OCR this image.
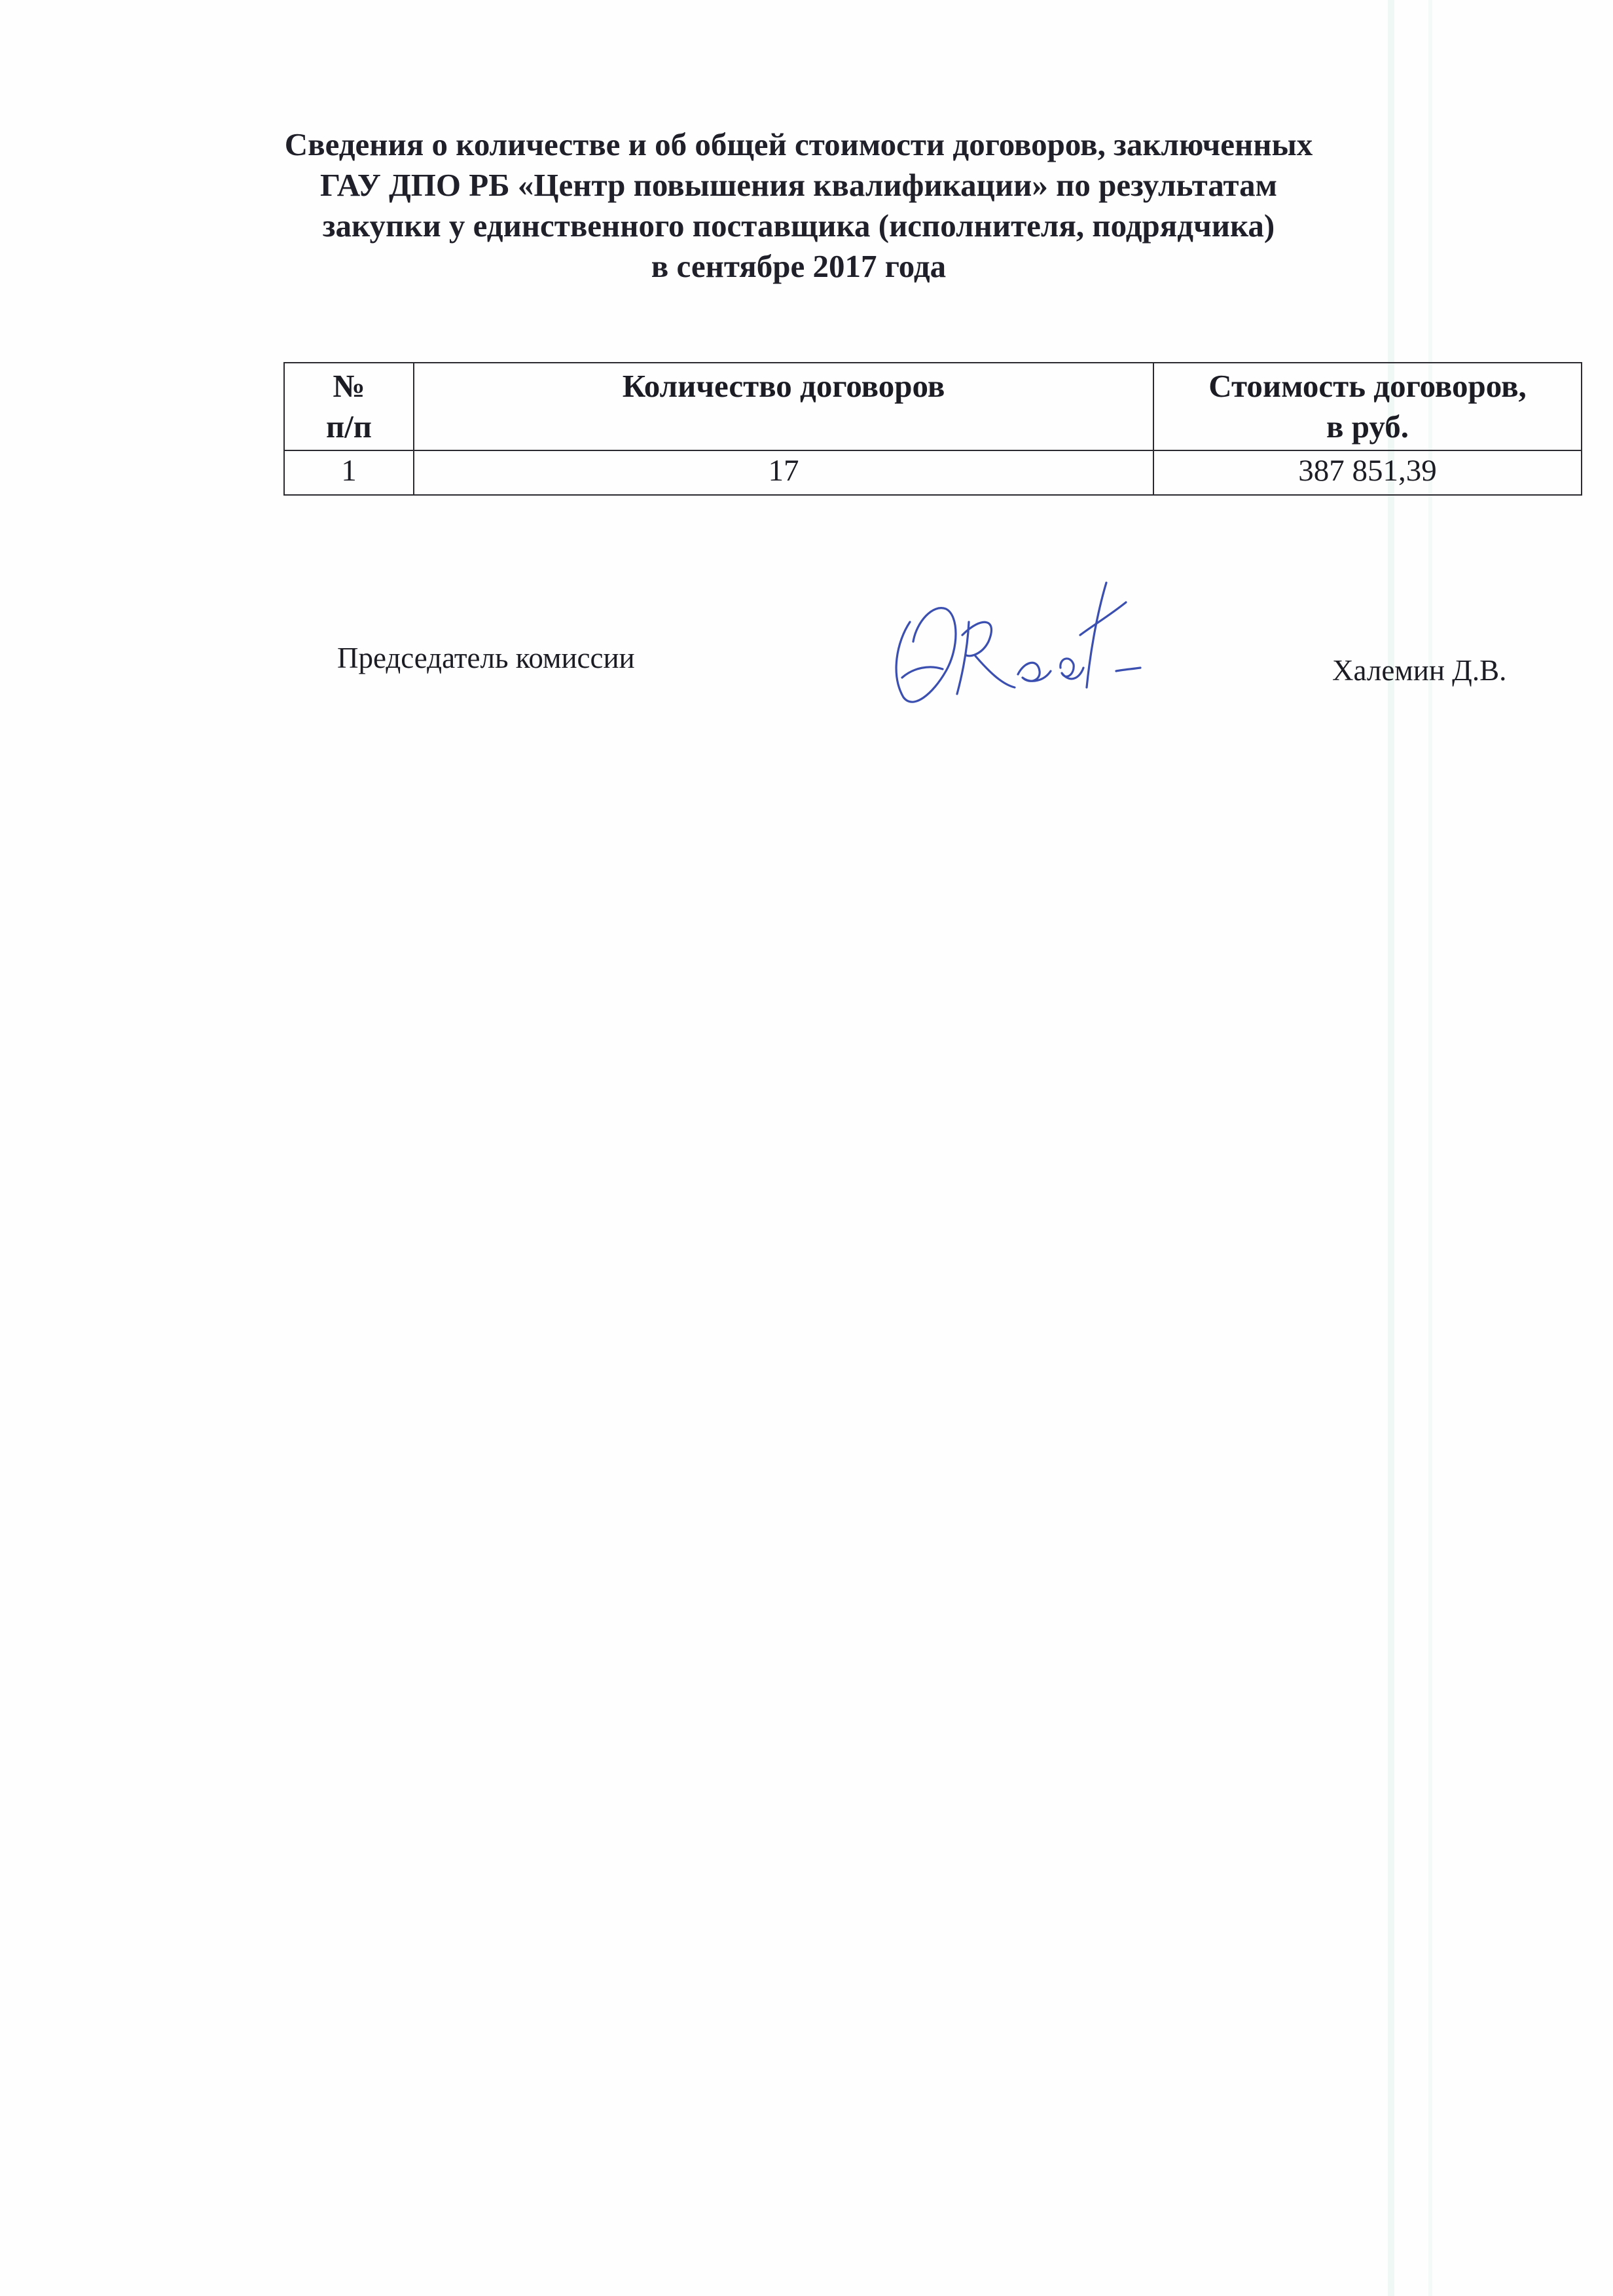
Сведения о количестве и об общей стоимости договоров, заключенных
ГАУ ДПО РБ «Центр повышения квалификации» по результатам
закупки у единственного поставщика (исполнителя, подрядчика)
в сентябре 2017 года
№
п/п	Количество договоров	Стоимость договоров,
в руб.
1	17	387 851,39
Председатель комиссии	Халемин Д.В.
